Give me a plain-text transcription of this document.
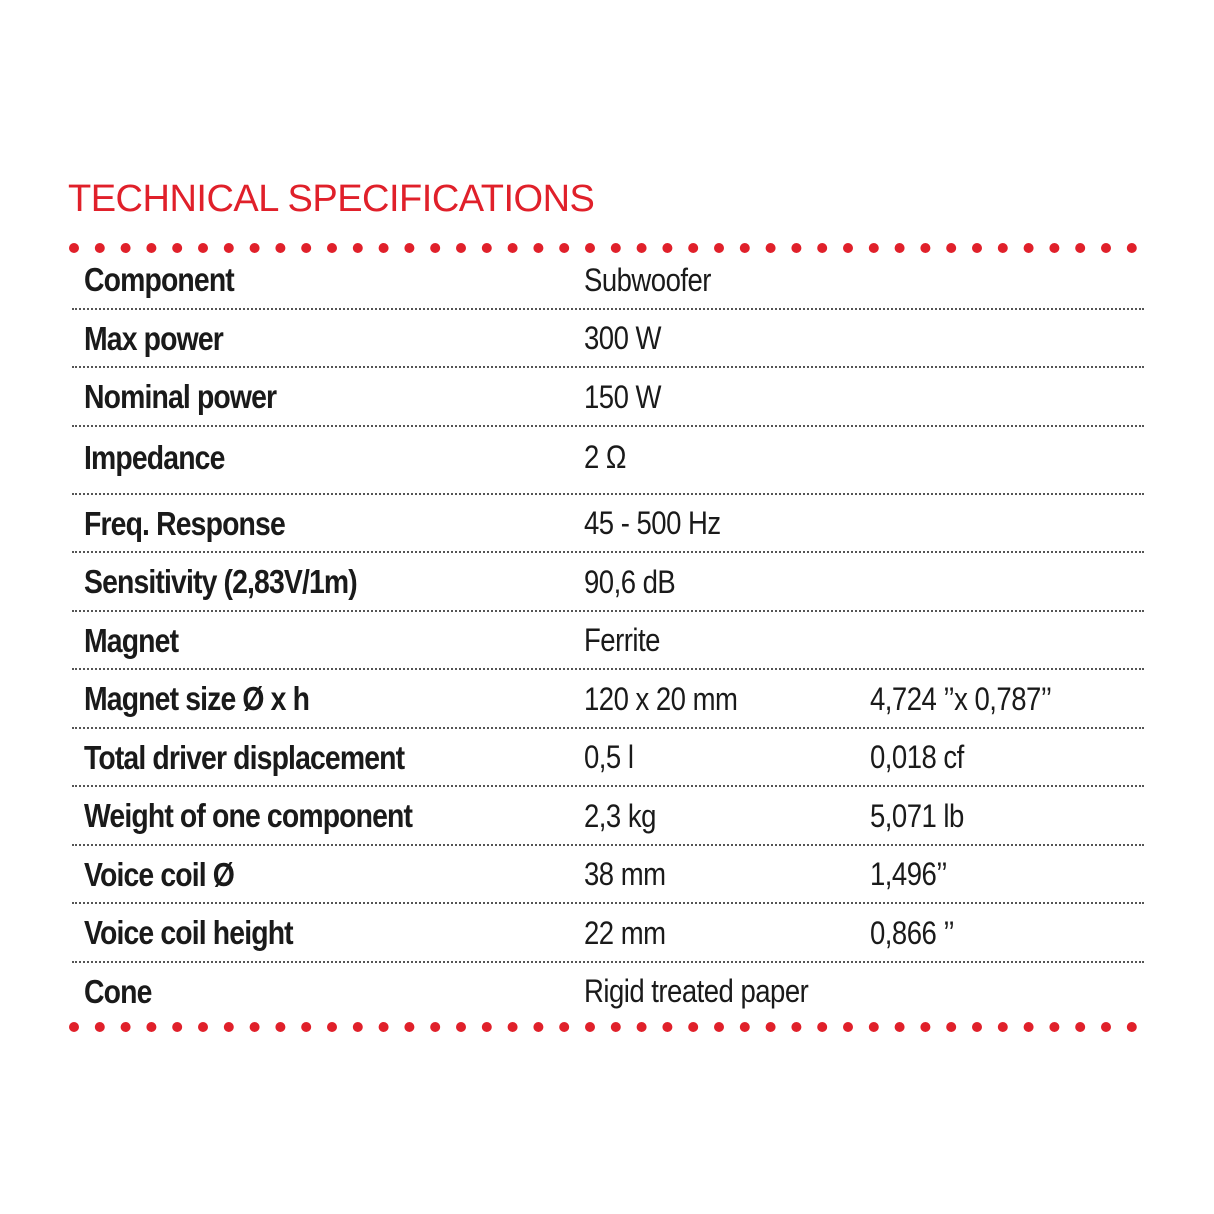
TECHNICAL SPECIFICATIONS
Component	Subwoofer
Max power	300 W
Nominal power	150 W
Impedance	2 Ω
Freq. Response	45 - 500 Hz
Sensitivity (2,83V/1m)	90,6 dB
Magnet	Ferrite
Magnet size Ø x h	120 x 20 mm	4,724 ’’x 0,787’’
Total driver displacement	0,5 l	0,018 cf
Weight of one component	2,3 kg	5,071 lb
Voice coil Ø	38 mm	1,496’’
Voice coil height	22 mm	0,866 ’’
Cone	Rigid treated paper
